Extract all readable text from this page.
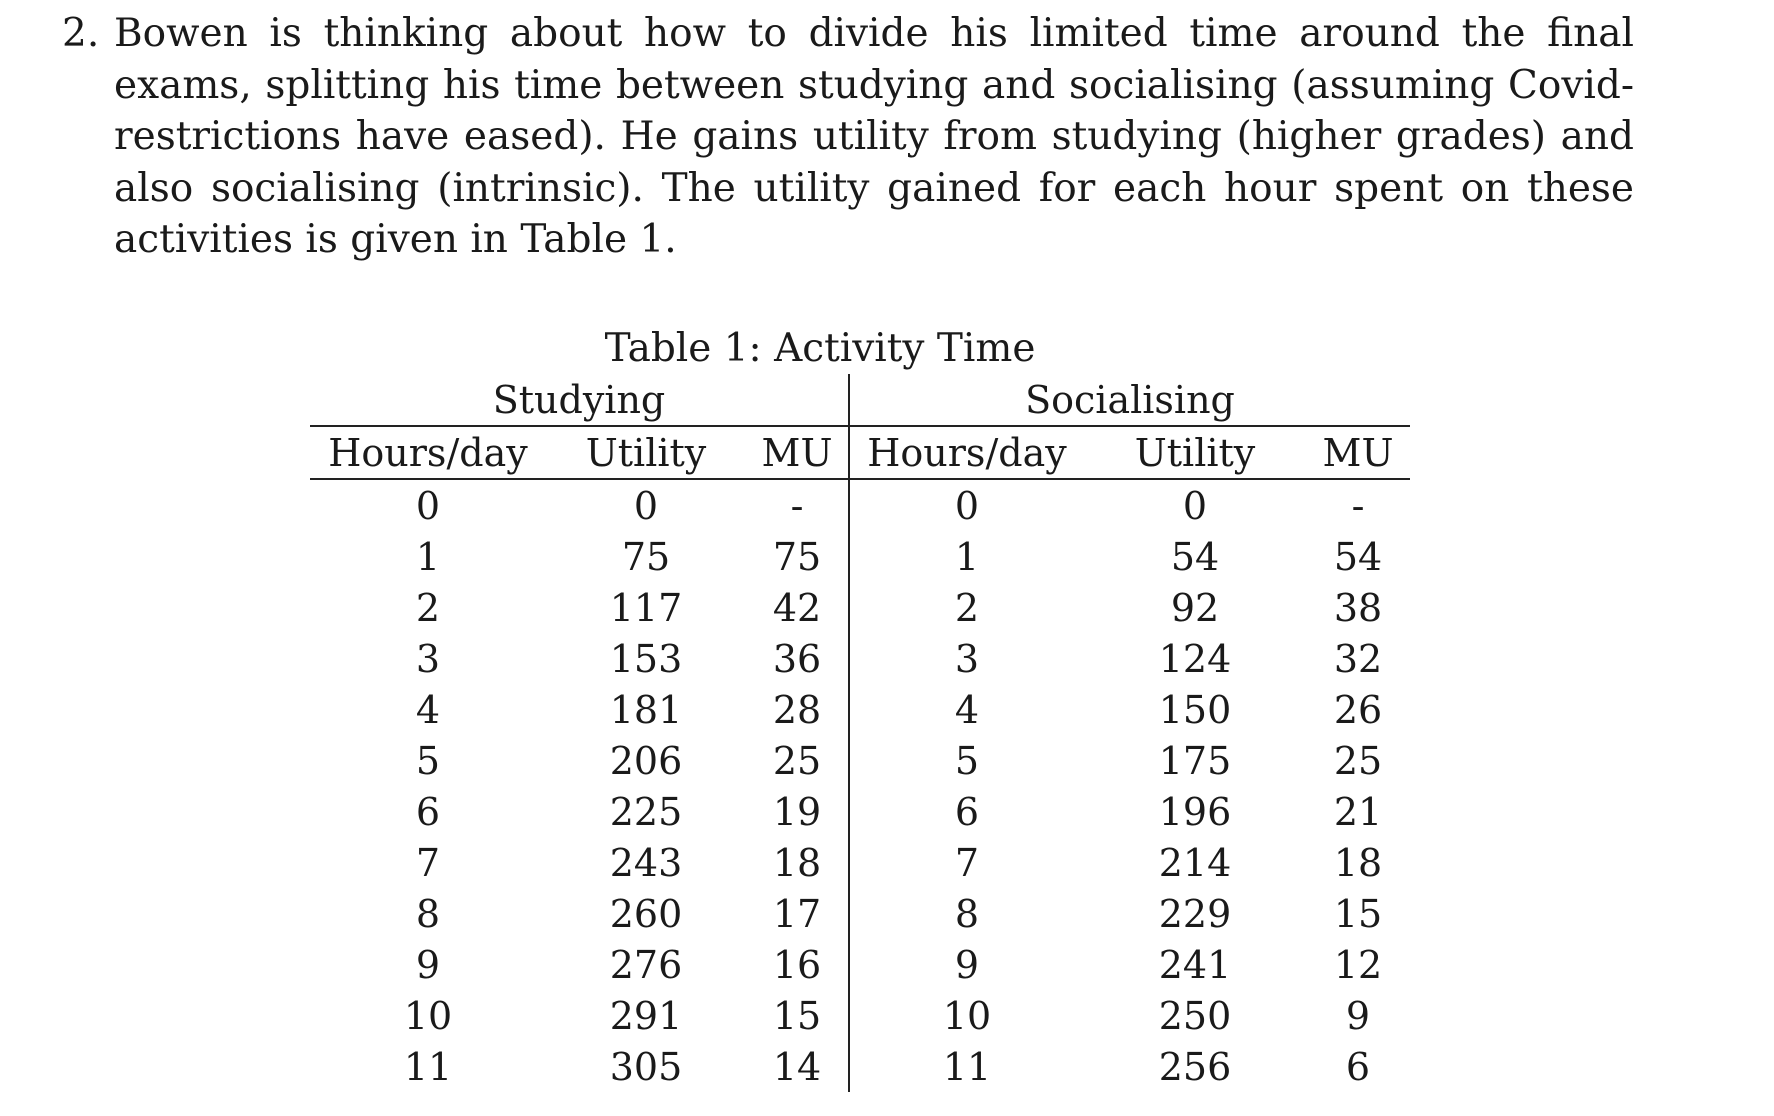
2. Bowen is thinking about how to divide his limited time around the final exams, splitting his time between studying and socialising (assuming Covid-restrictions have eased). He gains utility from studying (higher grades) and also socialising (intrinsic). The utility gained for each hour spent on these activities is given in Table 1.
Table 1: Activity Time
Studying			Socialising		
Hours/day	Utility	MU	Hours/day	Utility	MU
0	0	-	0	0	-
1	75	75	1	54	54
2	117	42	2	92	38
3	153	36	3	124	32
4	181	28	4	150	26
5	206	25	5	175	25
6	225	19	6	196	21
7	243	18	7	214	18
8	260	17	8	229	15
9	276	16	9	241	12
10	291	15	10	250	9
11	305	14	11	256	6
